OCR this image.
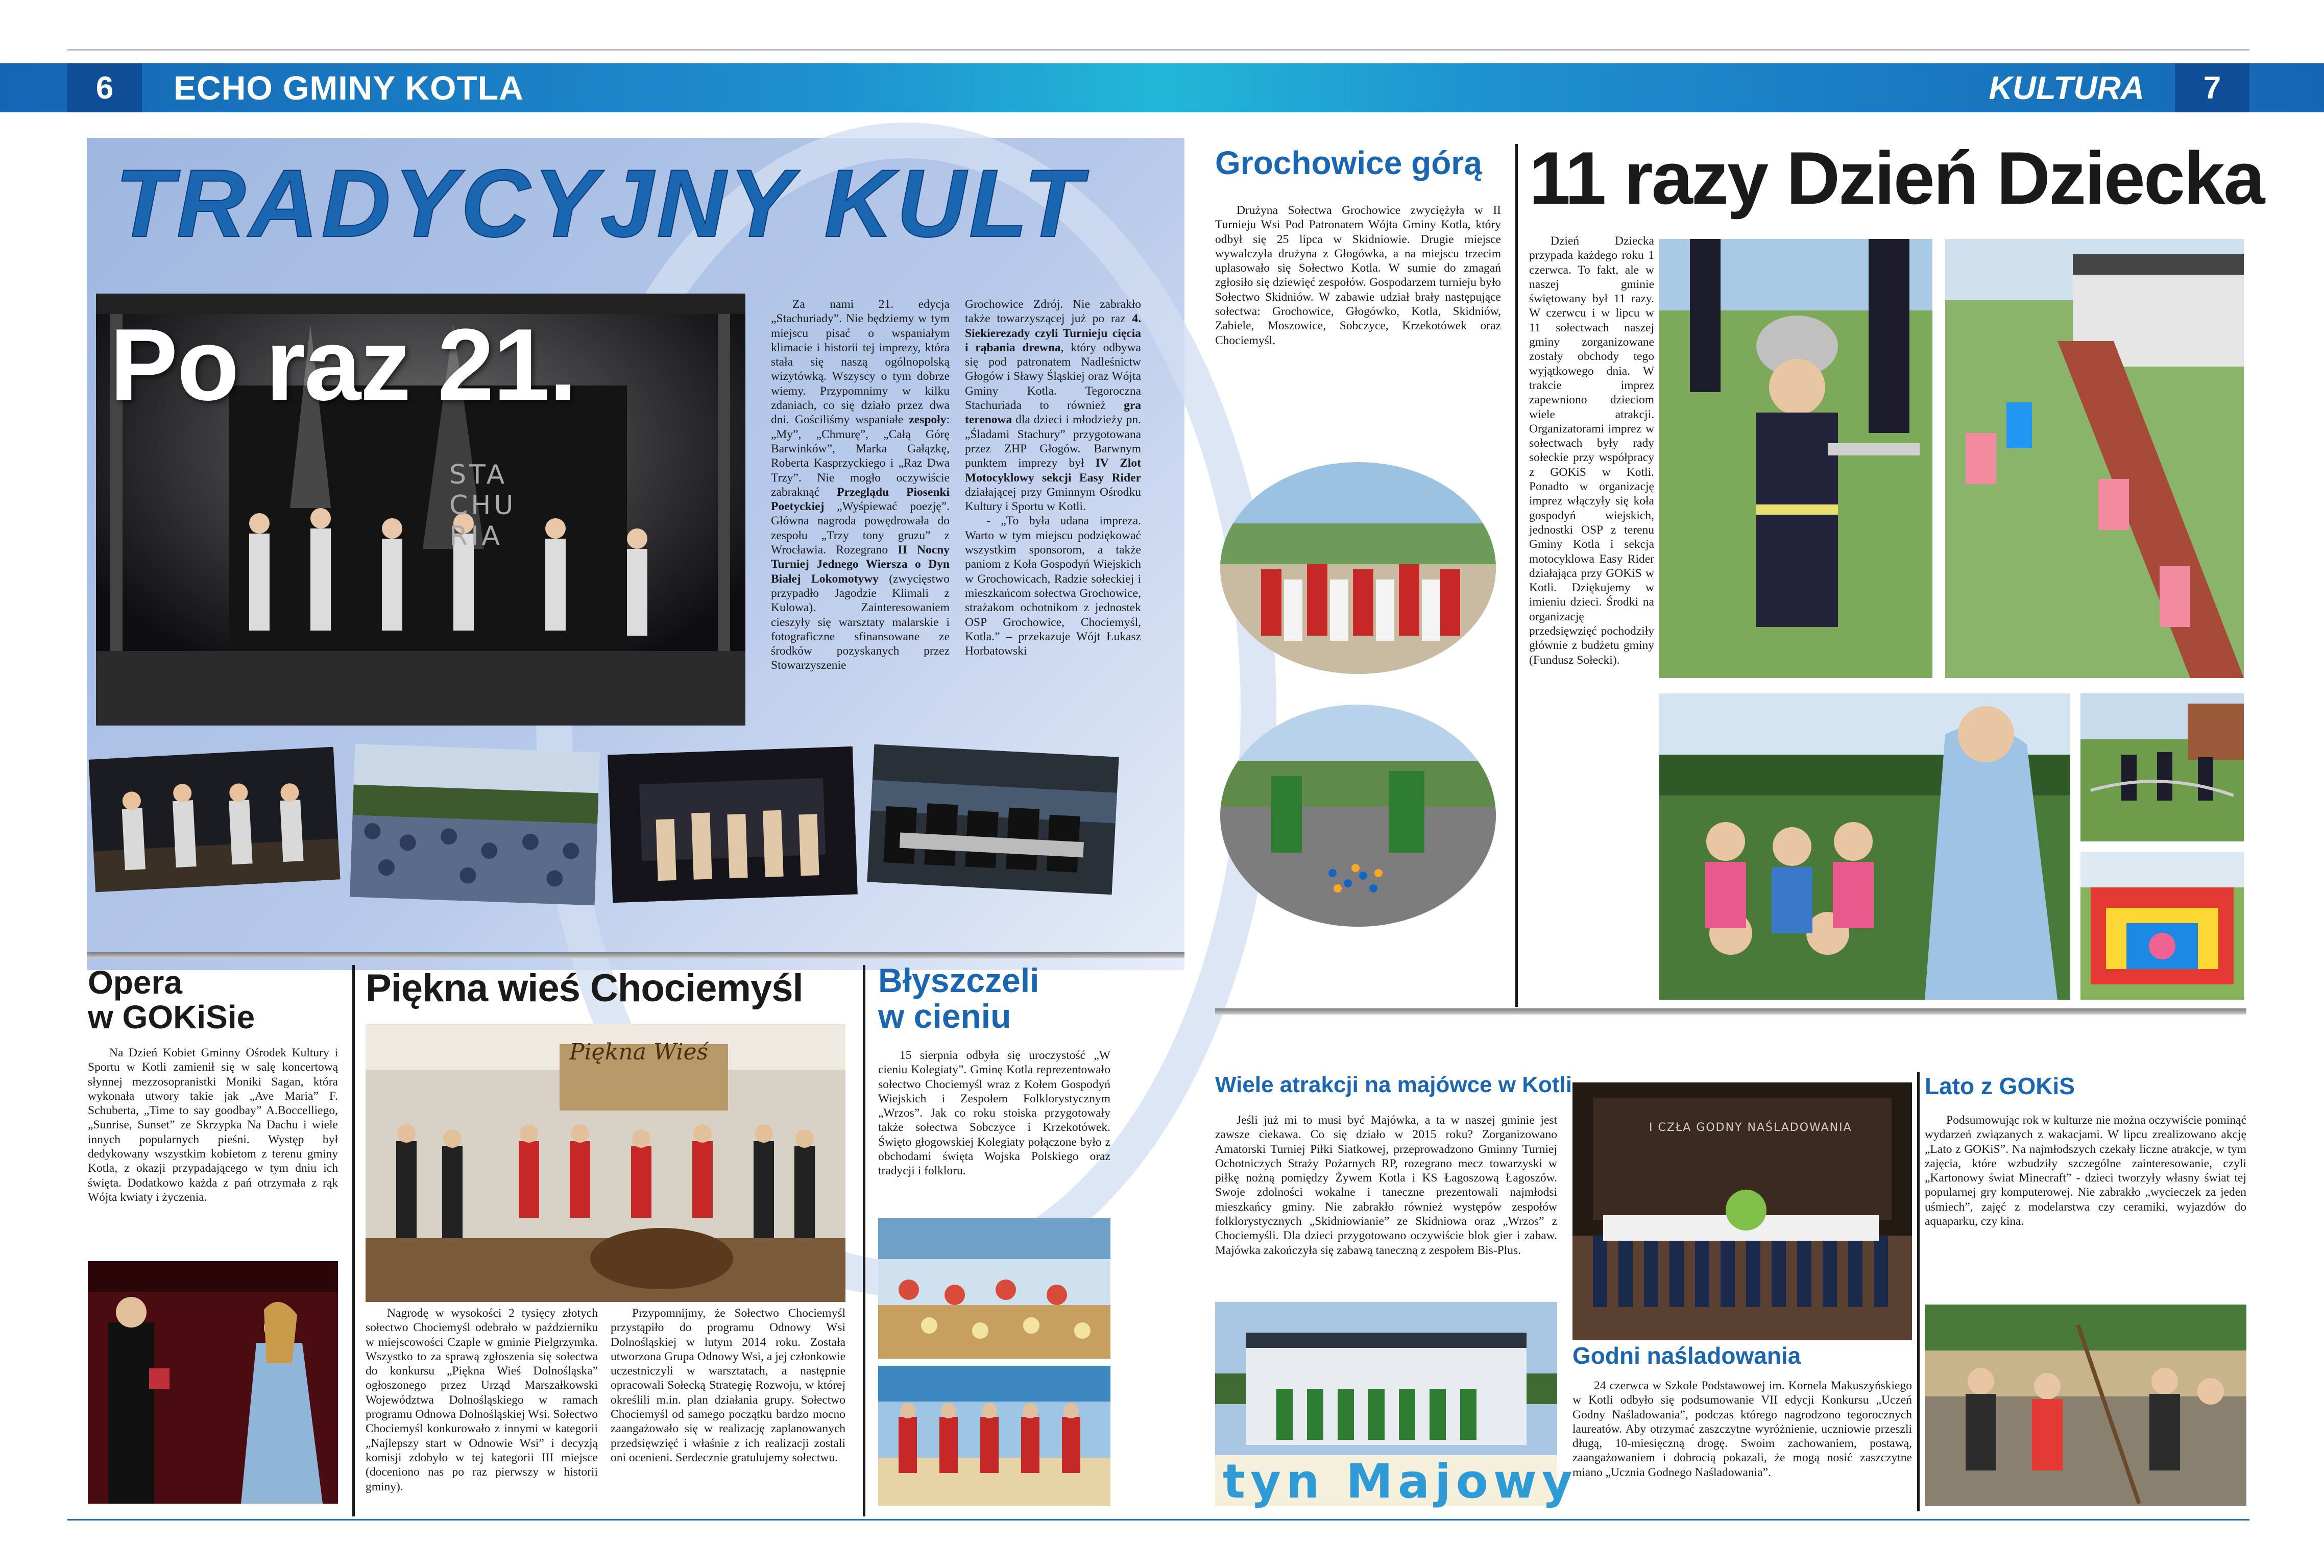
6	ECHO GMINY KOTLA	KULTURA	7
TRADYCYJNY KULT
STA CHU RIA
Po raz 21.

Za nami 21. edycja „Stachuriady”. Nie będziemy w tym miejscu pisać o wspaniałym klimacie i historii tej imprezy, która stała się naszą ogólnopolską wizytówką. Wszyscy o tym dobrze wiemy. Przypomnimy w kilku zdaniach, co się działo przez dwa dni. Gościliśmy wspaniałe zespoły: „My”, „Chmurę”, „Całą Górę Barwinków”, Marka Gałązkę, Roberta Kasprzyckiego i „Raz Dwa Trzy”. Nie mogło oczywiście zabraknąć Przeglądu Piosenki Poetyckiej „Wyśpiewać poezję”. Główna nagroda powędrowała do zespołu „Trzy tony gruzu” z Wrocławia. Rozegrano II Nocny Turniej Jednego Wiersza o Dyn Białej Lokomotywy (zwycięstwo przypadło Jagodzie Klimali z Kulowa). Zainteresowaniem cieszyły się warsztaty malarskie i fotograficzne sfinansowane ze środków pozyskanych przez Stowarzyszenie

Grochowice Zdrój. Nie zabrakło także towarzyszącej już po raz 4. Siekierezady czyli Turnieju cięcia i rąbania drewna, który odbywa się pod patronatem Nadleśnictw Głogów i Sławy Śląskiej oraz Wójta Gminy Kotla. Tegoroczna Stachuriada to również gra terenowa dla dzieci i młodzieży pn. „Śladami Stachury” przygotowana przez ZHP Głogów. Barwnym punktem imprezy był IV Zlot Motocyklowy sekcji Easy Rider działającej przy Gminnym Ośrodku Kultury i Sportu w Kotli.

- „To była udana impreza. Warto w tym miejscu podziękować wszystkim sponsorom, a także paniom z Koła Gospodyń Wiejskich w Grochowicach, Radzie sołeckiej i mieszkańcom sołectwa Grochowice, strażakom ochotnikom z jednostek OSP Grochowice, Chociemyśl, Kotla.” – przekazuje Wójt Łukasz Horbatowski

Opera
w GOKiSie

Na Dzień Kobiet Gminny Ośrodek Kultury i Sportu w Kotli zamienił się w salę koncertową słynnej mezzosopranistki Moniki Sagan, która wykonała utwory takie jak „Ave Maria” F. Schuberta, „Time to say goodbay” A.Boccelliego, „Sunrise, Sunset” ze Skrzypka Na Dachu i wiele innych popularnych pieśni. Występ był dedykowany wszystkim kobietom z terenu gminy Kotla, z okazji przypadającego w tym dniu ich święta. Dodatkowo każda z pań otrzymała z rąk Wójta kwiaty i życzenia.

Piękna wieś Chociemyśl
Piękna Wieś

Nagrodę w wysokości 2 tysięcy złotych sołectwo Chociemyśl odebrało w październiku w miejscowości Czaple w gminie Pielgrzymka. Wszystko to za sprawą zgłoszenia się sołectwa do konkursu „Piękna Wieś Dolnośląska” ogłoszonego przez Urząd Marszałkowski Województwa Dolnośląskiego w ramach programu Odnowa Dolnośląskiej Wsi. Sołectwo Chociemyśl konkurowało z innymi w kategorii „Najlepszy start w Odnowie Wsi” i decyzją komisji zdobyło w tej kategorii III miejsce (doceniono nas po raz pierwszy w historii gminy).

Przypomnijmy, że Sołectwo Chociemyśl przystąpiło do programu Odnowy Wsi Dolnośląskiej w lutym 2014 roku. Została utworzona Grupa Odnowy Wsi, a jej członkowie uczestniczyli w warsztatach, a następnie opracowali Sołecką Strategię Rozwoju, w której określili m.in. plan działania grupy. Sołectwo Chociemyśl od samego początku bardzo mocno zaangażowało się w realizację zaplanowanych przedsięwzięć i właśnie z ich realizacji zostali oni ocenieni. Serdecznie gratulujemy sołectwu.

Błyszczeli
w cieniu

15 sierpnia odbyła się uroczystość „W cieniu Kolegiaty”. Gminę Kotla reprezentowało sołectwo Chociemyśl wraz z Kołem Gospodyń Wiejskich i Zespołem Folklorystycznym „Wrzos”. Jak co roku stoiska przygotowały także sołectwa Sobczyce i Krzekotówek. Święto głogowskiej Kolegiaty połączone było z obchodami święta Wojska Polskiego oraz tradycji i folkloru.

Grochowice górą

Drużyna Sołectwa Grochowice zwyciężyła w II Turnieju Wsi Pod Patronatem Wójta Gminy Kotla, który odbył się 25 lipca w Skidniowie. Drugie miejsce wywalczyła drużyna z Głogówka, a na miejscu trzecim uplasowało się Sołectwo Kotla. W sumie do zmagań zgłosiło się dziewięć zespołów. Gospodarzem turnieju było Sołectwo Skidniów. W zabawie udział brały następujące sołectwa: Grochowice, Głogówko, Kotla, Skidniów, Zabiele, Moszowice, Sobczyce, Krzekotówek oraz Chociemyśl.

11 razy Dzień Dziecka

Dzień Dziecka przypada każdego roku 1 czerwca. To fakt, ale w naszej gminie świętowany był 11 razy. W czerwcu i w lipcu w 11 sołectwach naszej gminy zorganizowane zostały obchody tego wyjątkowego dnia. W trakcie imprez zapewniono dzieciom wiele atrakcji. Organizatorami imprez w sołectwach były rady sołeckie przy współpracy z GOKiS w Kotli. Ponadto w organizację imprez włączyły się koła gospodyń wiejskich, jednostki OSP z terenu Gminy Kotla i sekcja motocyklowa Easy Rider działająca przy GOKiS w Kotli. Dziękujemy w imieniu dzieci. Środki na organizację przedsięwzięć pochodziły głównie z budżetu gminy (Fundusz Sołecki).

Wiele atrakcji na majówce w Kotli

Jeśli już mi to musi być Majówka, a ta w naszej gminie jest zawsze ciekawa. Co się działo w 2015 roku? Zorganizowano Amatorski Turniej Piłki Siatkowej, przeprowadzono Gminny Turniej Ochotniczych Straży Pożarnych RP, rozegrano mecz towarzyski w piłkę nożną pomiędzy Żywem Kotla i KS Łagoszową Łagoszów. Swoje zdolności wokalne i taneczne prezentowali najmłodsi mieszkańcy gminy. Nie zabrakło również występów zespołów folklorystycznych „Skidniowianie” ze Skidniowa oraz „Wrzos” z Chociemyśli. Dla dzieci przygotowano oczywiście blok gier i zabaw. Majówka zakończyła się zabawą taneczną z zespołem Bis-Plus.

tyn Majowy
I CZŁA GODNY NAŚLADOWANIA
Godni naśladowania

24 czerwca w Szkole Podstawowej im. Kornela Makuszyńskiego w Kotli odbyło się podsumowanie VII edycji Konkursu „Uczeń Godny Naśladowania”, podczas którego nagrodzono tegorocznych laureatów. Aby otrzymać zaszczytne wyróżnienie, uczniowie przeszli długą, 10-miesięczną drogę. Swoim zachowaniem, postawą, zaangażowaniem i dobrocią pokazali, że mogą nosić zaszczytne miano „Ucznia Godnego Naśladowania”.

Lato z GOKiS

Podsumowując rok w kulturze nie można oczywiście pominąć wydarzeń związanych z wakacjami. W lipcu zrealizowano akcję „Lato z GOKiS”. Na najmłodszych czekały liczne atrakcje, w tym zajęcia, które wzbudziły szczególne zainteresowanie, czyli „Kartonowy świat Minecraft” - dzieci tworzyły własny świat tej popularnej gry komputerowej. Nie zabrakło „wycieczek za jeden uśmiech”, zajęć z modelarstwa czy ceramiki, wyjazdów do aquaparku, czy kina.
